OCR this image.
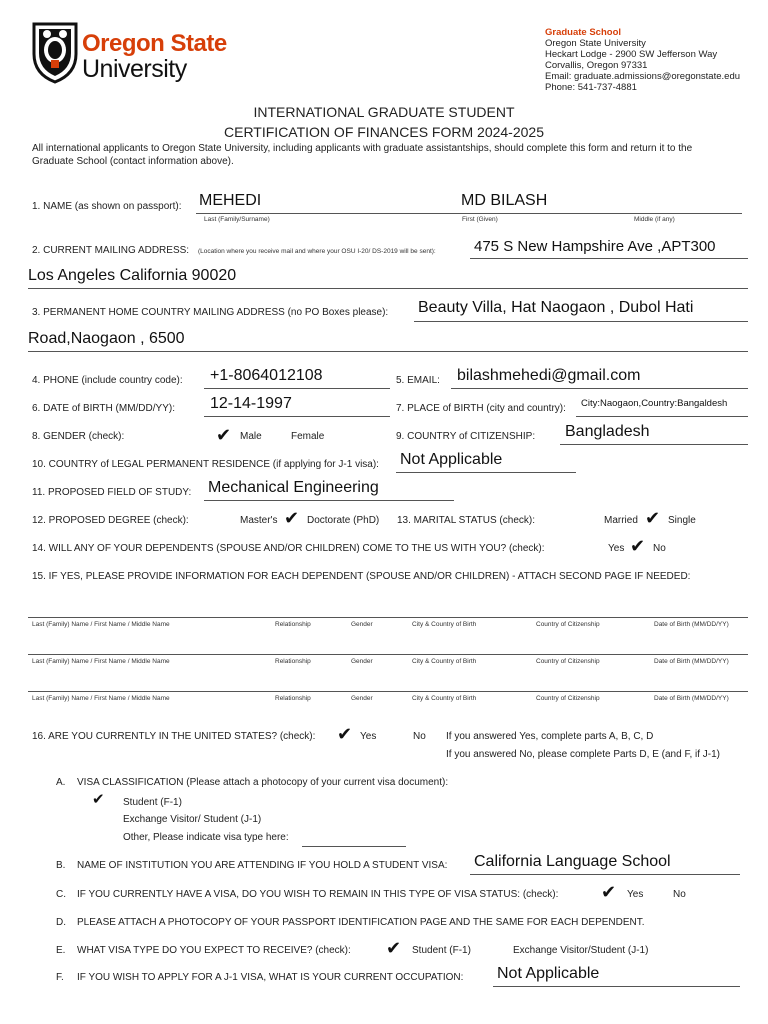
Oregon State
University
Graduate School
Oregon State University
Heckart Lodge - 2900 SW Jefferson Way
Corvallis, Oregon 97331
Email: graduate.admissions@oregonstate.edu
Phone: 541-737-4881
INTERNATIONAL GRADUATE STUDENT
CERTIFICATION OF FINANCES FORM 2024-2025
All international applicants to Oregon State University, including applicants with graduate assistantships, should complete this form and return it to the Graduate School (contact information above).
1. NAME (as shown on passport): MEHEDI	MD BILASH
Last (Family/Surname)	First (Given)	Middle (if any)
2. CURRENT MAILING ADDRESS: (Location where you receive mail and where your OSU I-20/ DS-2019 will be sent):	475 S New Hampshire Ave ,APT300
Los Angeles California 90020
3. PERMANENT HOME COUNTRY MAILING ADDRESS (no PO Boxes please): Beauty Villa, Hat Naogaon , Dubol Hati
Road,Naogaon , 6500
4. PHONE (include country code): +1-8064012108	5. EMAIL: bilashmehedi@gmail.com
6. DATE of BIRTH (MM/DD/YY): 12-14-1997	7. PLACE of BIRTH (city and country): City:Naogaon,Country:Bangaldesh
8. GENDER (check):	✔ Male	Female	9. COUNTRY of CITIZENSHIP: Bangladesh
10. COUNTRY of LEGAL PERMANENT RESIDENCE (if applying for J-1 visa): Not Applicable
11. PROPOSED FIELD OF STUDY: Mechanical Engineering
12. PROPOSED DEGREE (check):	Master's ✔ Doctorate (PhD) 13. MARITAL STATUS (check):	Married ✔ Single
14. WILL ANY OF YOUR DEPENDENTS (SPOUSE AND/OR CHILDREN) COME TO THE US WITH YOU? (check):	Yes ✔ No
15. IF YES, PLEASE PROVIDE INFORMATION FOR EACH DEPENDENT (SPOUSE AND/OR CHILDREN) - ATTACH SECOND PAGE IF NEEDED:
Last (Family) Name / First Name / Middle Name	Relationship	Gender	City & Country of Birth	Country of Citizenship	Date of Birth (MM/DD/YY)
Last (Family) Name / First Name / Middle Name	Relationship	Gender	City & Country of Birth	Country of Citizenship	Date of Birth (MM/DD/YY)
Last (Family) Name / First Name / Middle Name	Relationship	Gender	City & Country of Birth	Country of Citizenship	Date of Birth (MM/DD/YY)
16. ARE YOU CURRENTLY IN THE UNITED STATES? (check): ✔ Yes	No If you answered Yes, complete parts A, B, C, D
If you answered No, please complete Parts D, E (and F, if J-1)
A. VISA CLASSIFICATION (Please attach a photocopy of your current visa document):
✔ Student (F-1)
Exchange Visitor/ Student (J-1)
Other, Please indicate visa type here:
B. NAME OF INSTITUTION YOU ARE ATTENDING IF YOU HOLD A STUDENT VISA: California Language School
C. IF YOU CURRENTLY HAVE A VISA, DO YOU WISH TO REMAIN IN THIS TYPE OF VISA STATUS: (check): ✔ Yes	No
D. PLEASE ATTACH A PHOTOCOPY OF YOUR PASSPORT IDENTIFICATION PAGE AND THE SAME FOR EACH DEPENDENT.
E. WHAT VISA TYPE DO YOU EXPECT TO RECEIVE? (check): ✔ Student (F-1)	Exchange Visitor/Student (J-1)
F. IF YOU WISH TO APPLY FOR A J-1 VISA, WHAT IS YOUR CURRENT OCCUPATION: Not Applicable
